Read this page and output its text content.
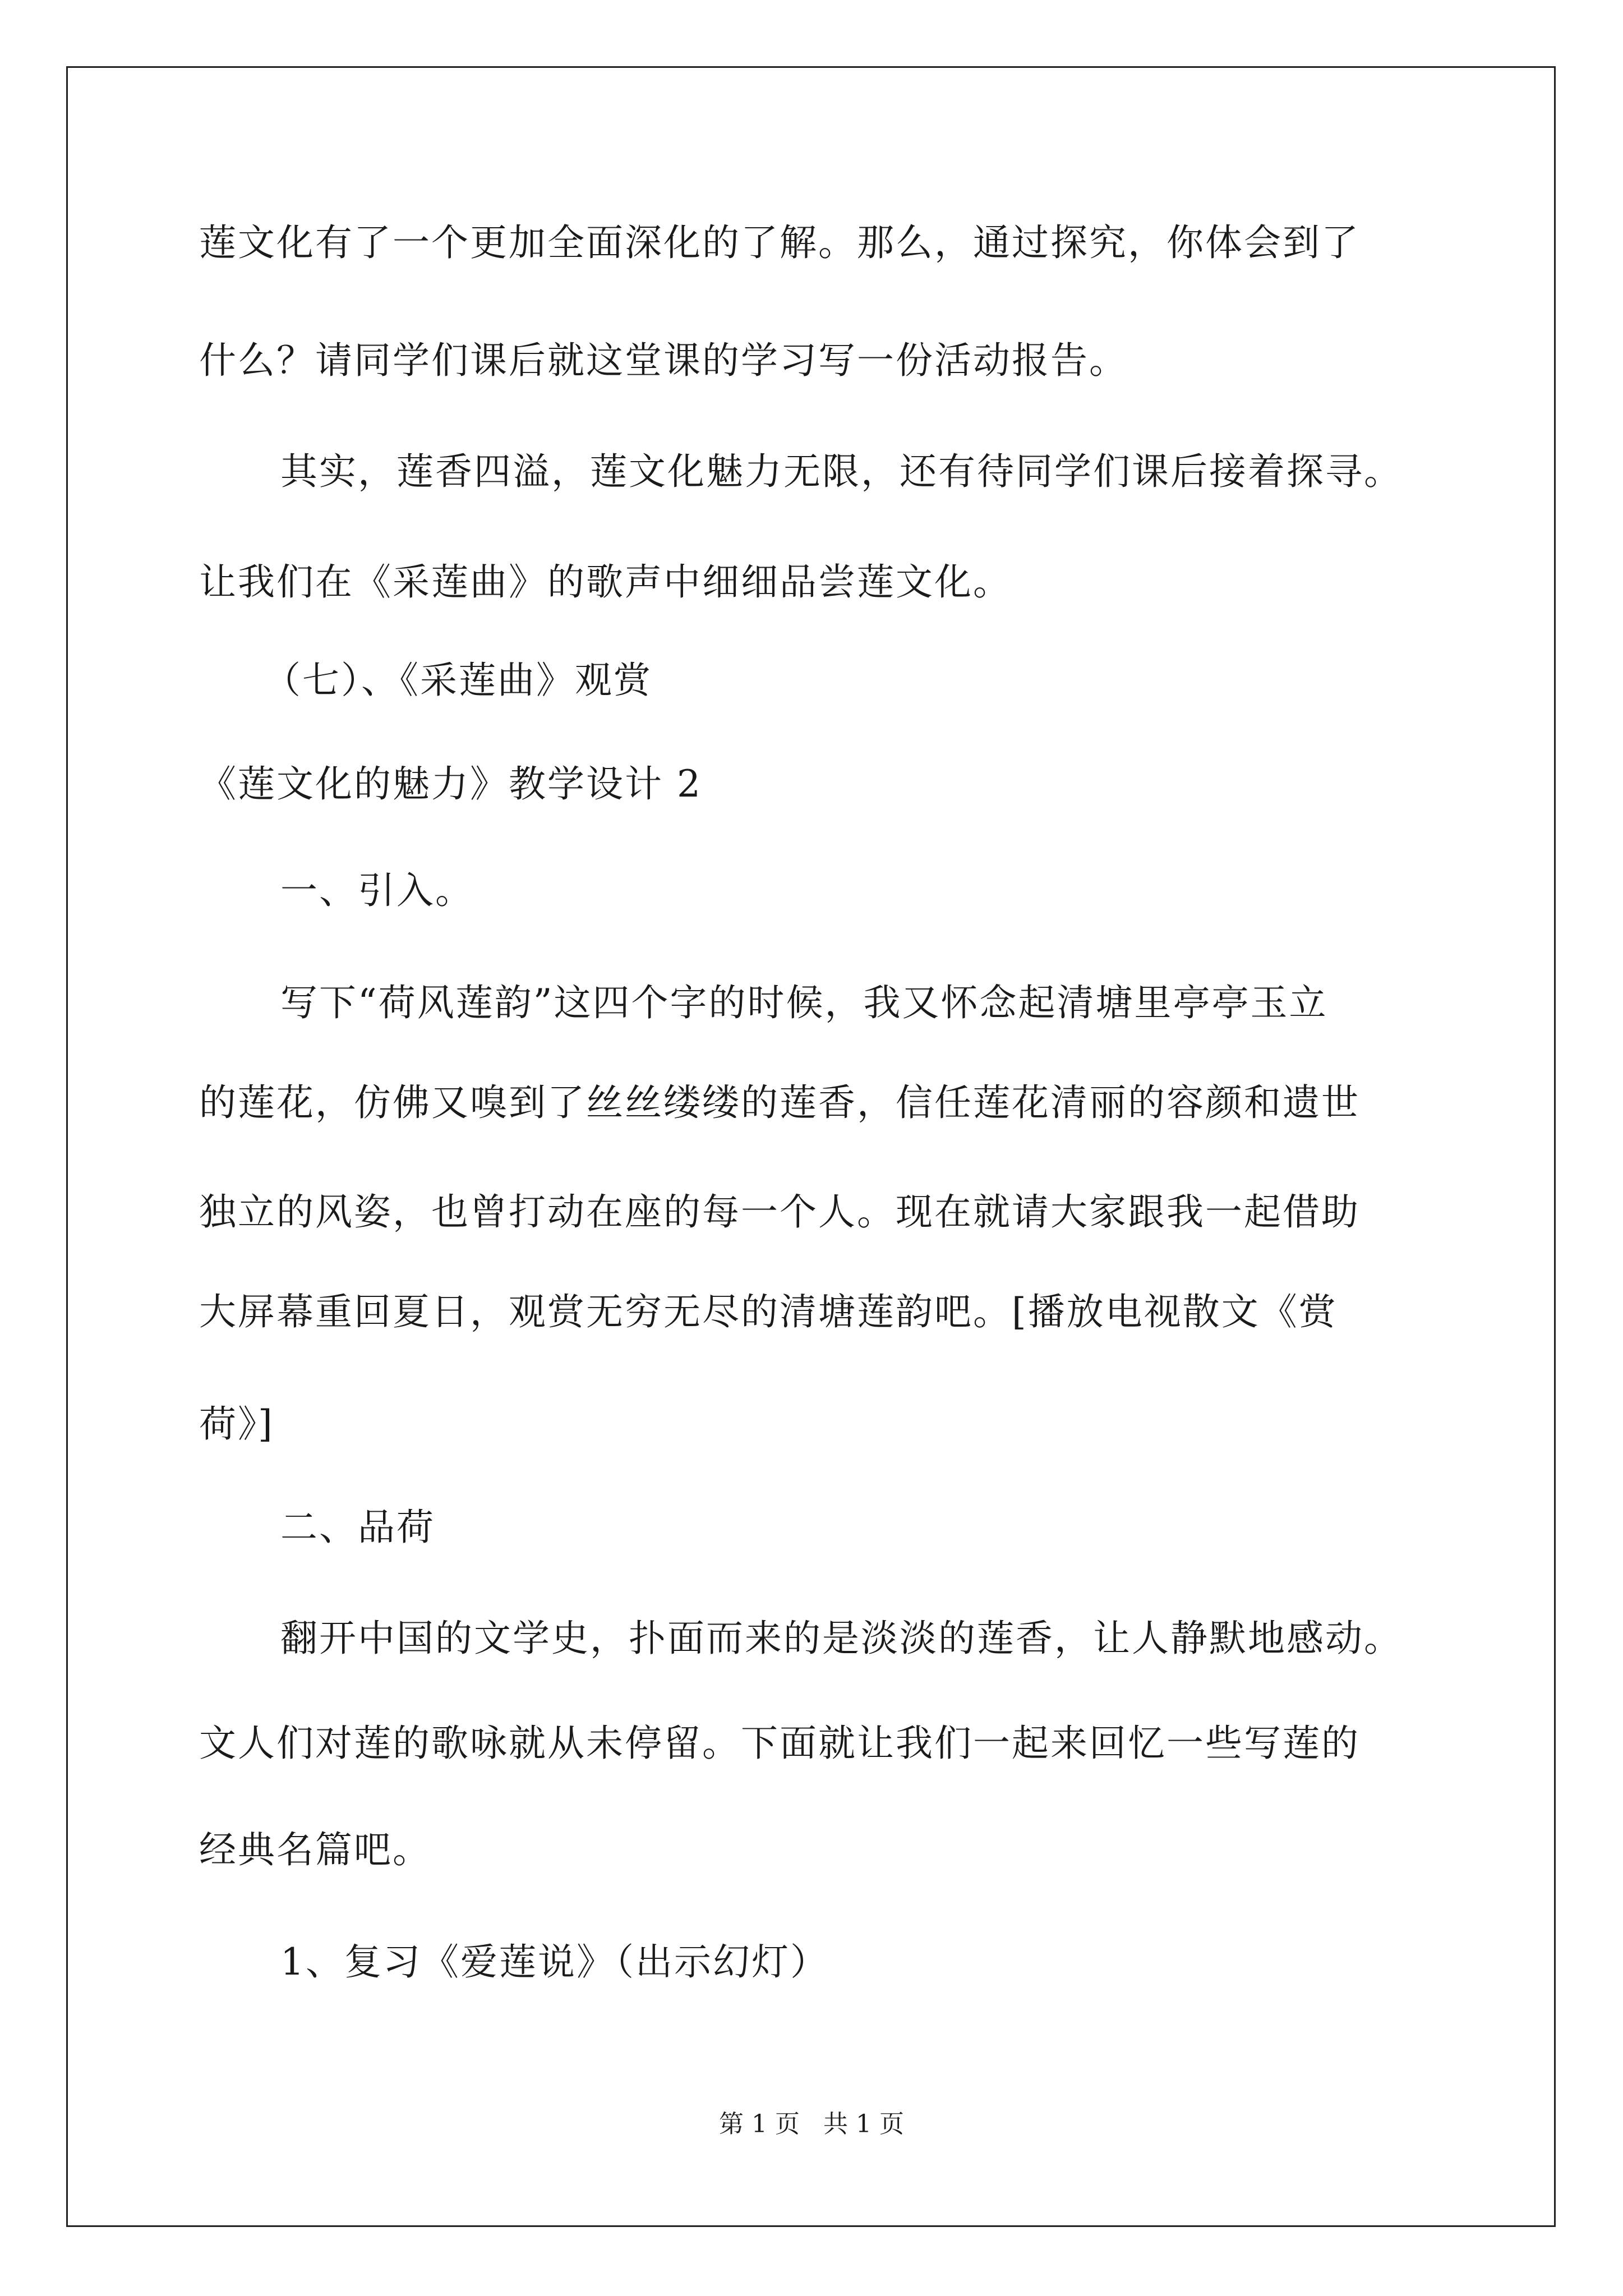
莲文化有了一个更加全面深化的了解。那么，通过探究，你体会到了
什么？请同学们课后就这堂课的学习写一份活动报告。
其实，莲香四溢，莲文化魅力无限，还有待同学们课后接着探寻。
让我们在《采莲曲》的歌声中细细品尝莲文化。
（七）、《采莲曲》观赏
《莲文化的魅力》教学设计 2
一、引入。
写下“荷风莲韵”这四个字的时候，我又怀念起清塘里亭亭玉立
的莲花，仿佛又嗅到了丝丝缕缕的莲香，信任莲花清丽的容颜和遗世
独立的风姿，也曾打动在座的每一个人。现在就请大家跟我一起借助
大屏幕重回夏日，观赏无穷无尽的清塘莲韵吧。[播放电视散文《赏
荷》]
二、品荷
翻开中国的文学史，扑面而来的是淡淡的莲香，让人静默地感动。
文人们对莲的歌咏就从未停留。下面就让我们一起来回忆一些写莲的
经典名篇吧。
1、复习《爱莲说》（出示幻灯）
第 1 页 共 1 页
